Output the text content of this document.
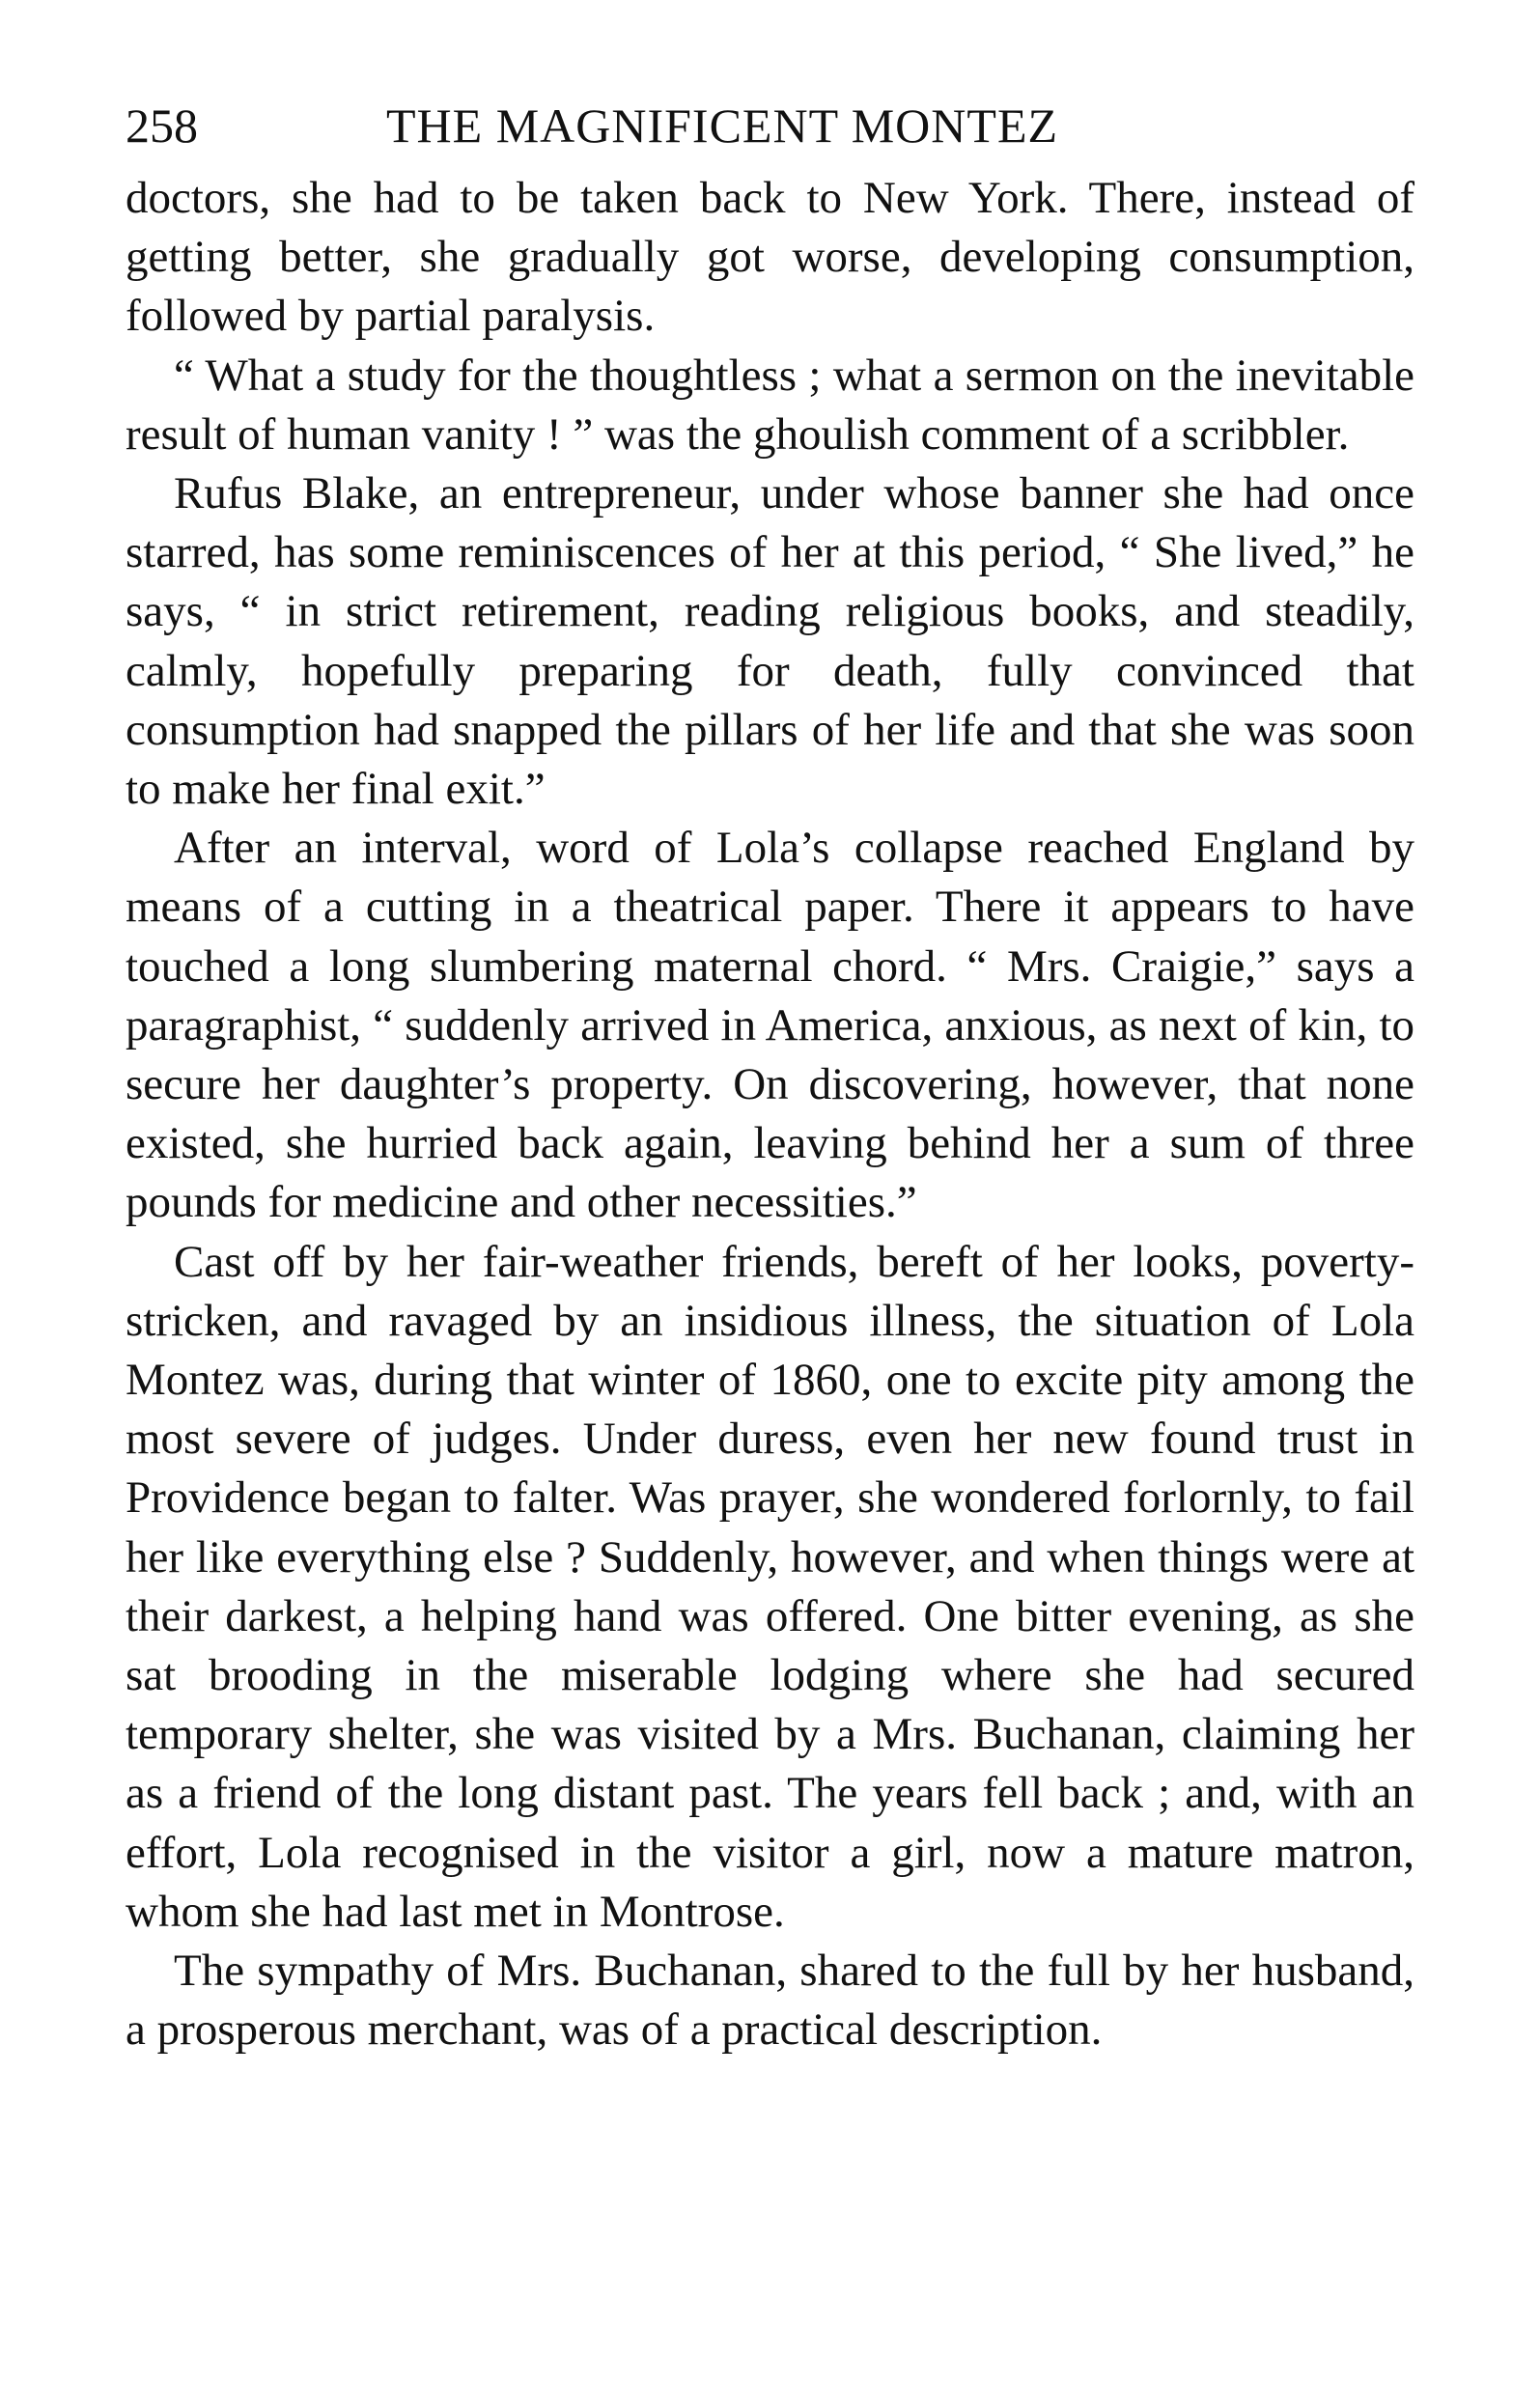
258	THE MAGNIFICENT MONTEZ

doctors, she had to be taken back to New York. There, instead of getting better, she gradually got worse, developing consumption, followed by partial paralysis.

“ What a study for the thoughtless ; what a sermon on the inevitable result of human vanity ! ” was the ghoulish comment of a scribbler.

Rufus Blake, an entrepreneur, under whose banner she had once starred, has some reminiscences of her at this period, “ She lived,” he says, “ in strict retirement, reading religious books, and steadily, calmly, hopefully preparing for death, fully convinced that consumption had snapped the pillars of her life and that she was soon to make her final exit.”

After an interval, word of Lola’s collapse reached England by means of a cutting in a theatrical paper. There it appears to have touched a long slumbering maternal chord. “ Mrs. Craigie,” says a paragraphist, “ suddenly arrived in America, anxious, as next of kin, to secure her daughter’s property. On discovering, however, that none existed, she hurried back again, leaving behind her a sum of three pounds for medicine and other necessities.”

Cast off by her fair-weather friends, bereft of her looks, poverty-stricken, and ravaged by an insidious illness, the situation of Lola Montez was, during that winter of 1860, one to excite pity among the most severe of judges. Under duress, even her new found trust in Providence began to falter. Was prayer, she wondered forlornly, to fail her like everything else ? Suddenly, however, and when things were at their darkest, a helping hand was offered. One bitter evening, as she sat brooding in the miserable lodging where she had secured temporary shelter, she was visited by a Mrs. Buchanan, claiming her as a friend of the long distant past. The years fell back ; and, with an effort, Lola recognised in the visitor a girl, now a mature matron, whom she had last met in Montrose.

The sympathy of Mrs. Buchanan, shared to the full by her husband, a prosperous merchant, was of a practical description.
